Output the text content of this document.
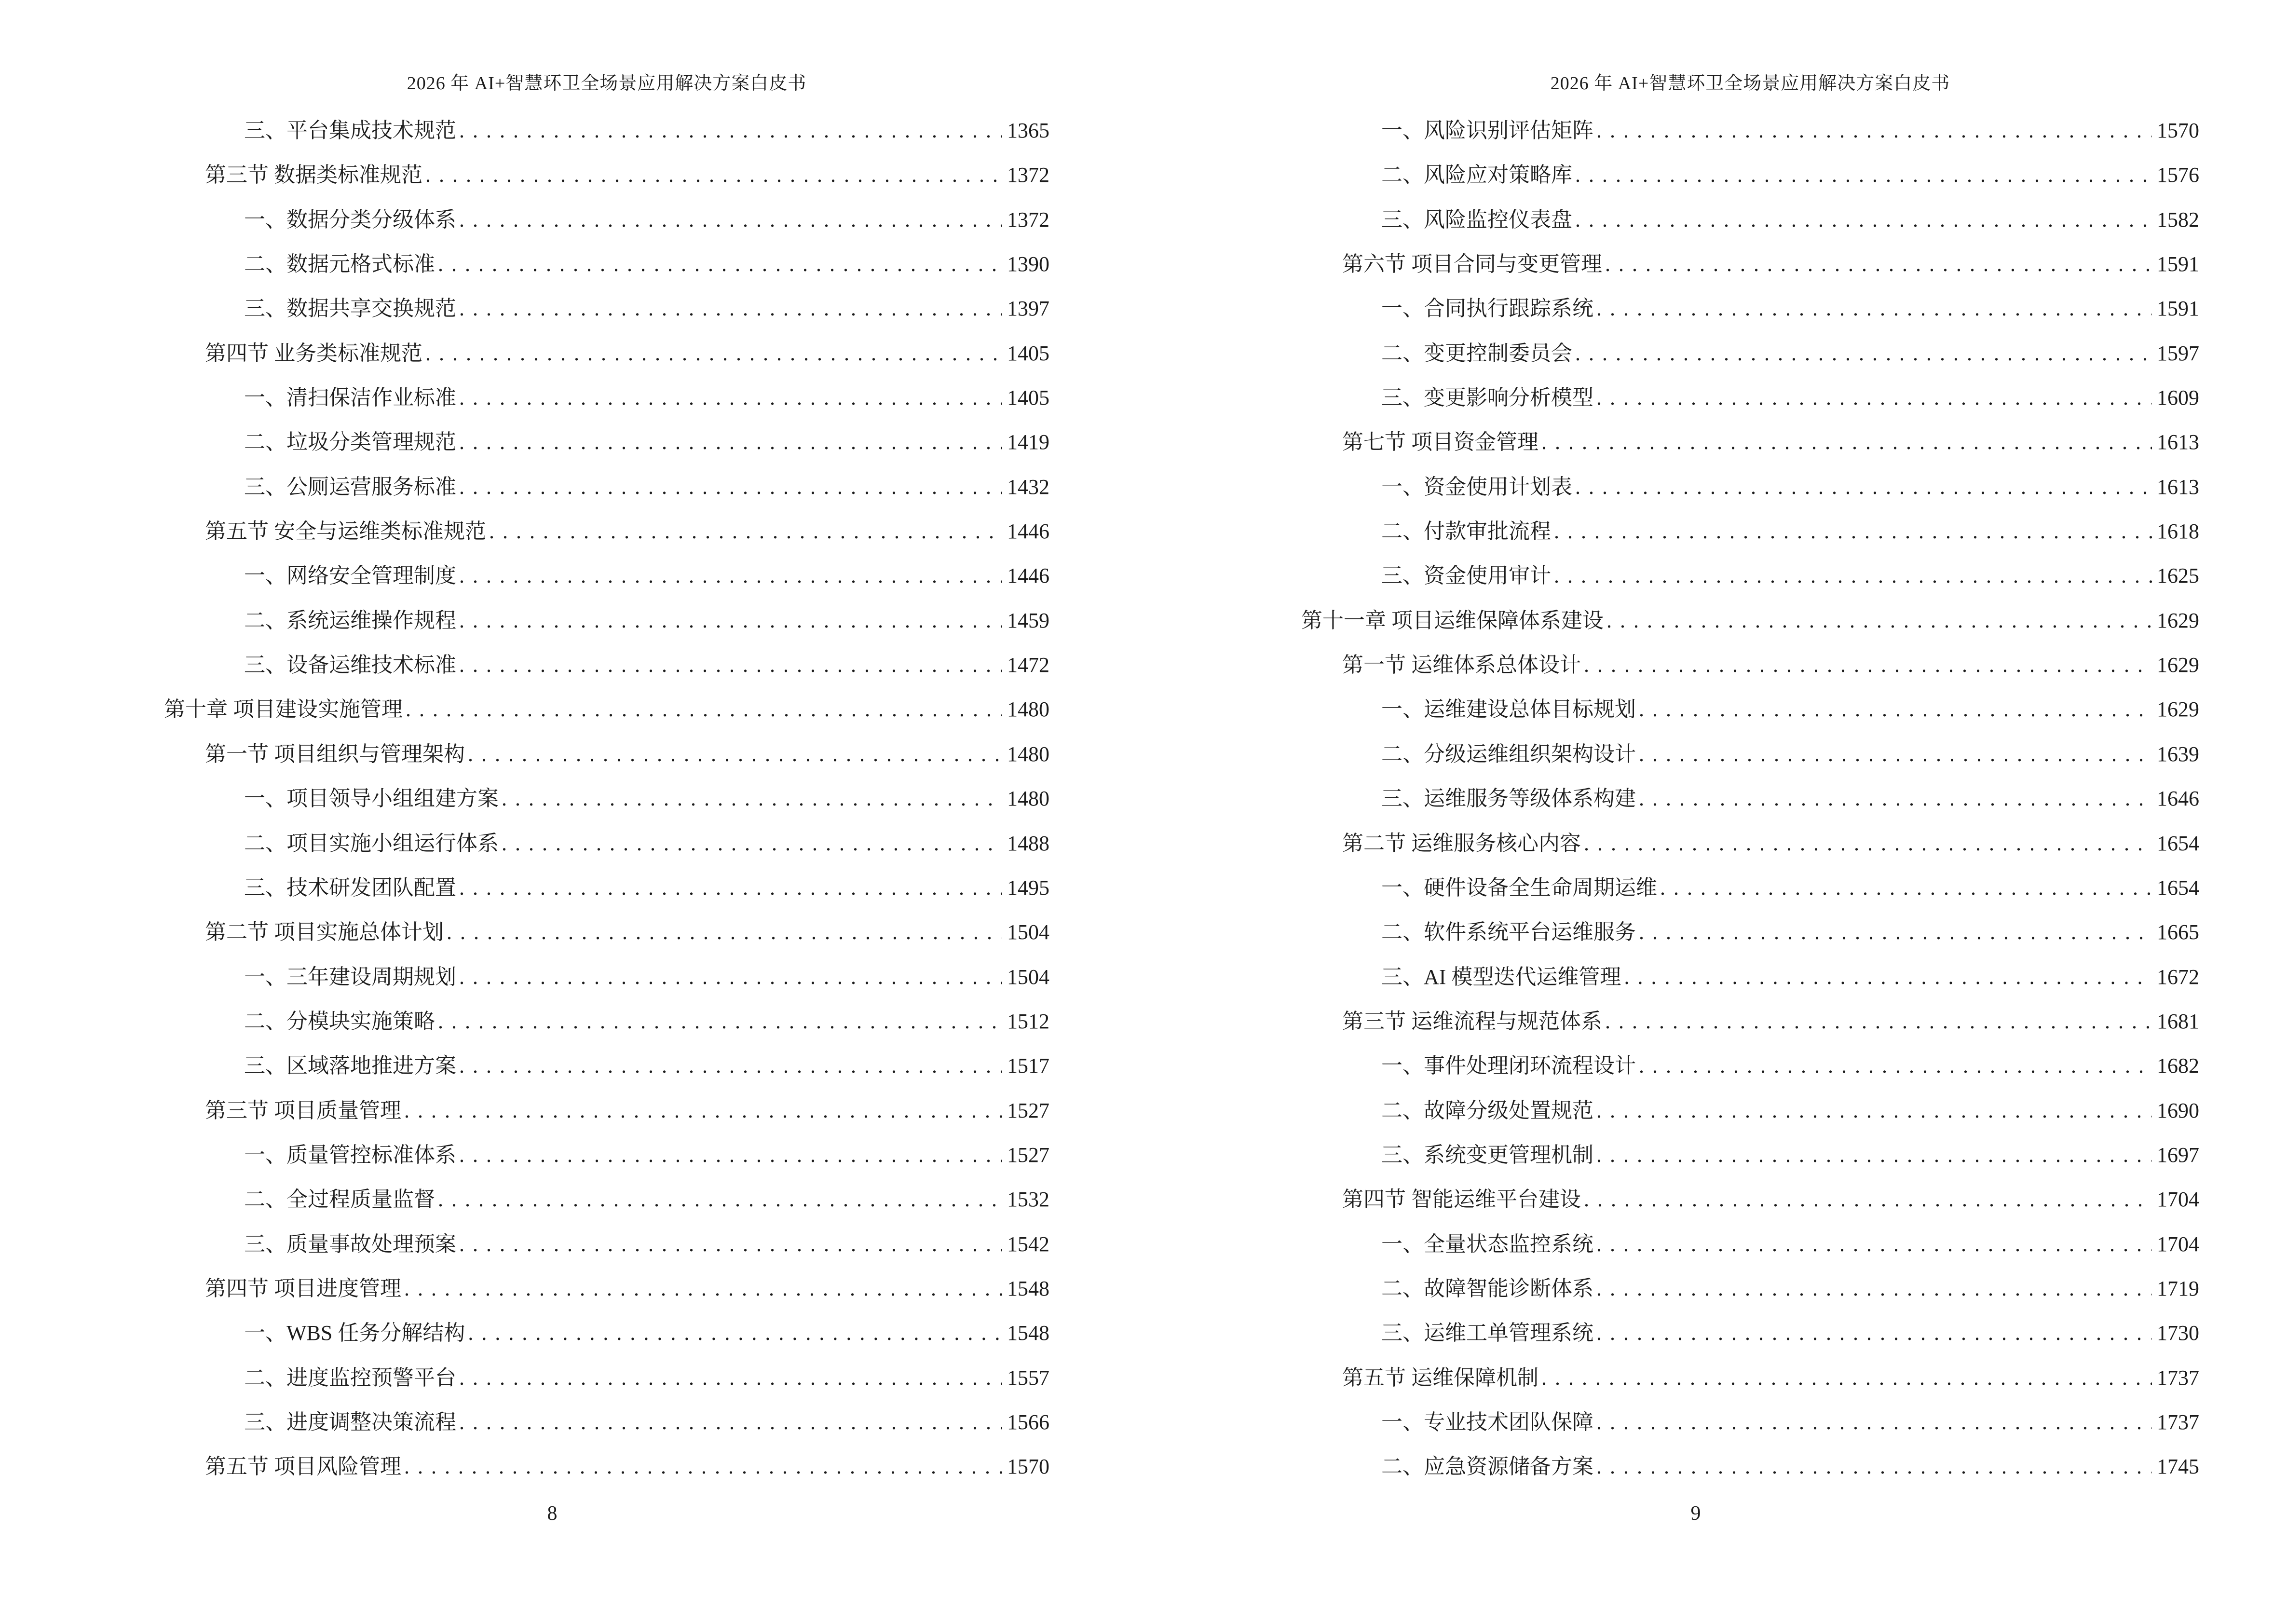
2026 年 AI+智慧环卫全场景应用解决方案白皮书
三、平台集成技术规范 .....	1365
第三节 数据类标准规范 .....	1372
一、数据分类分级体系 .....	1372
二、数据元格式标准 .....	1390
三、数据共享交换规范 .....	1397
第四节 业务类标准规范 .....	1405
一、清扫保洁作业标准 .....	1405
二、垃圾分类管理规范 .....	1419
三、公厕运营服务标准 .....	1432
第五节 安全与运维类标准规范 .....	1446
一、网络安全管理制度 .....	1446
二、系统运维操作规程 .....	1459
三、设备运维技术标准 .....	1472
第十章 项目建设实施管理 .....	1480
第一节 项目组织与管理架构 .....	1480
一、项目领导小组组建方案 .....	1480
二、项目实施小组运行体系 .....	1488
三、技术研发团队配置 .....	1495
第二节 项目实施总体计划 .....	1504
一、三年建设周期规划 .....	1504
二、分模块实施策略 .....	1512
三、区域落地推进方案 .....	1517
第三节 项目质量管理 .....	1527
一、质量管控标准体系 .....	1527
二、全过程质量监督 .....	1532
三、质量事故处理预案 .....	1542
第四节 项目进度管理 .....	1548
一、WBS 任务分解结构 .....	1548
二、进度监控预警平台 .....	1557
三、进度调整决策流程 .....	1566
第五节 项目风险管理 .....	1570
8
2026 年 AI+智慧环卫全场景应用解决方案白皮书
一、风险识别评估矩阵 .....	1570
二、风险应对策略库 .....	1576
三、风险监控仪表盘 .....	1582
第六节 项目合同与变更管理 .....	1591
一、合同执行跟踪系统 .....	1591
二、变更控制委员会 .....	1597
三、变更影响分析模型 .....	1609
第七节 项目资金管理 .....	1613
一、资金使用计划表 .....	1613
二、付款审批流程 .....	1618
三、资金使用审计 .....	1625
第十一章 项目运维保障体系建设 .....	1629
第一节 运维体系总体设计 .....	1629
一、运维建设总体目标规划 .....	1629
二、分级运维组织架构设计 .....	1639
三、运维服务等级体系构建 .....	1646
第二节 运维服务核心内容 .....	1654
一、硬件设备全生命周期运维 .....	1654
二、软件系统平台运维服务 .....	1665
三、AI 模型迭代运维管理 .....	1672
第三节 运维流程与规范体系 .....	1681
一、事件处理闭环流程设计 .....	1682
二、故障分级处置规范 .....	1690
三、系统变更管理机制 .....	1697
第四节 智能运维平台建设 .....	1704
一、全量状态监控系统 .....	1704
二、故障智能诊断体系 .....	1719
三、运维工单管理系统 .....	1730
第五节 运维保障机制 .....	1737
一、专业技术团队保障 .....	1737
二、应急资源储备方案 .....	1745
9
